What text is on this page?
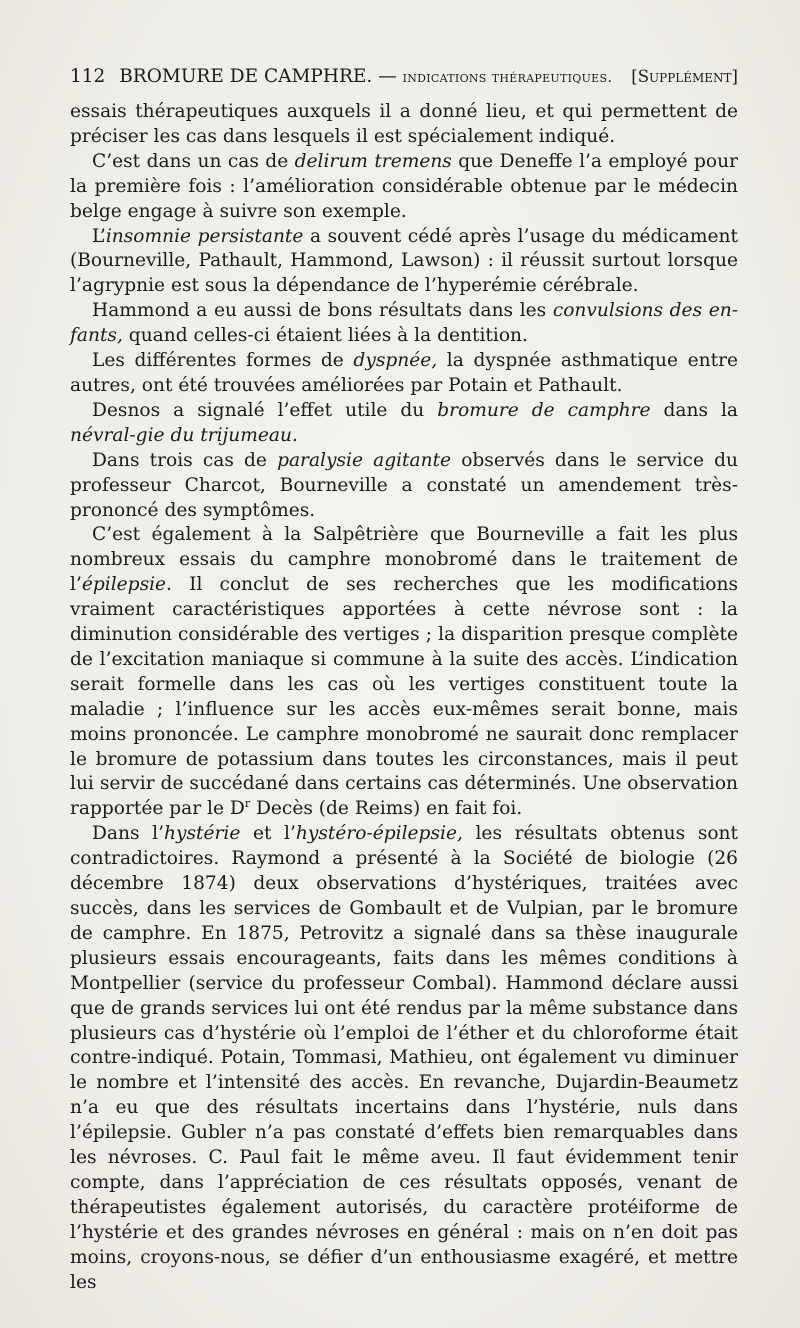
112 BROMURE DE CAMPHRE. — indications thérapeutiques. [Supplément]

essais thérapeutiques auxquels il a donné lieu, et qui permettent de préciser les cas dans lesquels il est spécialement indiqué.

C’est dans un cas de delirum tremens que Deneffe l’a employé pour la première fois : l’amélioration considérable obtenue par le médecin belge engage à suivre son exemple.

L’insomnie persistante a souvent cédé après l’usage du médicament (Bourneville, Pathault, Hammond, Lawson) : il réussit surtout lorsque l’agrypnie est sous la dépendance de l’hyperémie cérébrale.

Hammond a eu aussi de bons résultats dans les convulsions des en-fants, quand celles-ci étaient liées à la dentition.

Les différentes formes de dyspnée, la dyspnée asthmatique entre autres, ont été trouvées améliorées par Potain et Pathault.

Desnos a signalé l’effet utile du bromure de camphre dans la névral-gie du trijumeau.

Dans trois cas de paralysie agitante observés dans le service du professeur Charcot, Bourneville a constaté un amendement très-prononcé des symptômes.

C’est également à la Salpêtrière que Bourneville a fait les plus nombreux essais du camphre monobromé dans le traitement de l’épilepsie. Il conclut de ses recherches que les modifications vraiment caractéristiques apportées à cette névrose sont : la diminution considérable des vertiges ; la disparition presque complète de l’excitation maniaque si commune à la suite des accès. L’indication serait formelle dans les cas où les vertiges constituent toute la maladie ; l’influence sur les accès eux-mêmes serait bonne, mais moins prononcée. Le camphre monobromé ne saurait donc remplacer le bromure de potassium dans toutes les circonstances, mais il peut lui servir de succédané dans certains cas déterminés. Une observation rapportée par le $D^r$ Decès (de Reims) en fait foi.

Dans l’hystérie et l’hystéro-épilepsie, les résultats obtenus sont contradictoires. Raymond a présenté à la Société de biologie (26 décembre 1874) deux observations d’hystériques, traitées avec succès, dans les services de Gombault et de Vulpian, par le bromure de camphre. En 1875, Petrovitz a signalé dans sa thèse inaugurale plusieurs essais encourageants, faits dans les mêmes conditions à Montpellier (service du professeur Combal). Hammond déclare aussi que de grands services lui ont été rendus par la même substance dans plusieurs cas d’hystérie où l’emploi de l’éther et du chloroforme était contre-indiqué. Potain, Tommasi, Mathieu, ont également vu diminuer le nombre et l’intensité des accès. En revanche, Dujardin-Beaumetz n’a eu que des résultats incertains dans l’hystérie, nuls dans l’épilepsie. Gubler n’a pas constaté d’effets bien remarquables dans les névroses. C. Paul fait le même aveu. Il faut évidemment tenir compte, dans l’appréciation de ces résultats opposés, venant de thérapeutistes également autorisés, du caractère protéiforme de l’hystérie et des grandes névroses en général : mais on n’en doit pas moins, croyons-nous, se défier d’un enthousiasme exagéré, et mettre les
